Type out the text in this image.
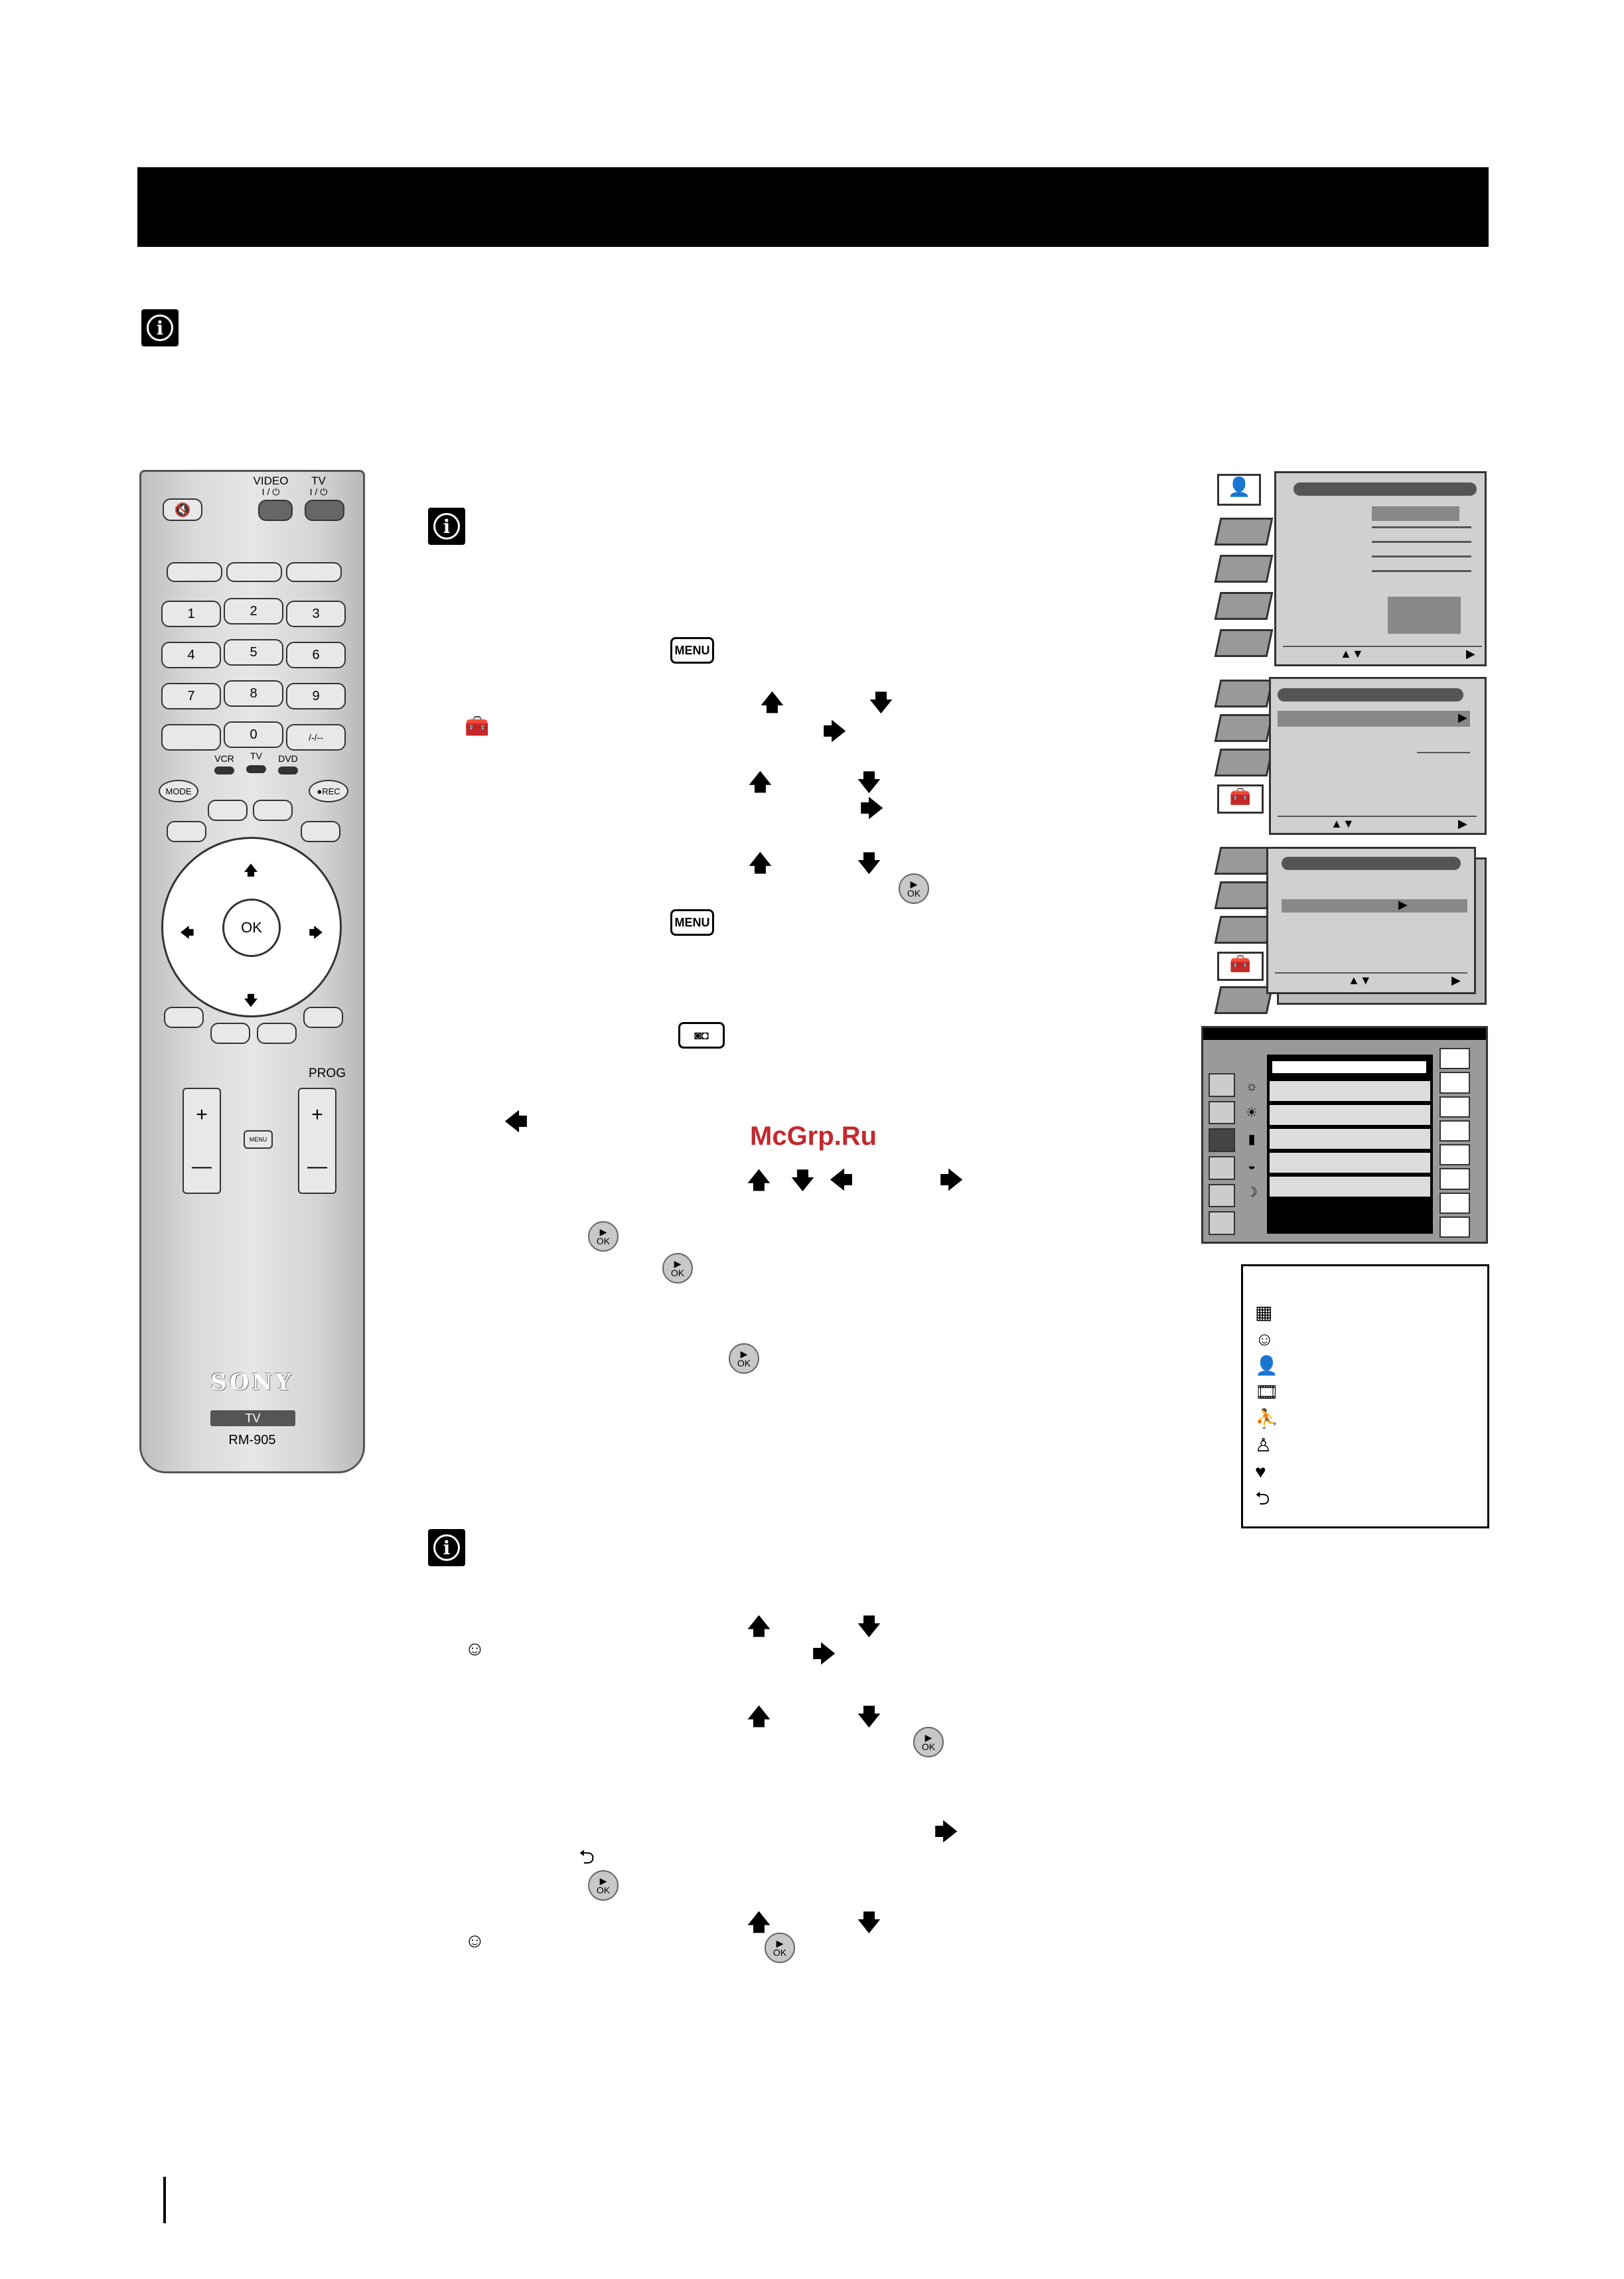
i
i
i
VIDEO
I / ⏻
TV
I / ⏻
🔇
1	2	3
4	5	6
7	8	9
0	/-/--
VCR	TV	DVD
MODE	●REC
🡅
🡇
🡄	🡆
OK
PROG
+
—
MENU
+
—
SONY
TV
RM-905
MENU
🡅	🡇
🧰	🡆
🡅	🡇
🡆
🡅	🡇
▶
OK
MENU
◙◘
🡄	McGrp.Ru
🡅 🡇 🡄	🡆
▶
OK
▶
OK
▶
OK
🡅	🡇
☺	🡆
🡅	🡇
▶
OK
🡆
⮌
▶
OK
🡅	🡇
☺	▶
OK
👤
▲▼	▶
🧰
▶
▲▼	▶
🧰
▶
▲▼	▶
☼
☀
▮
◒
☽
▦
☺
👤
🎞
⛹
♙
♥
⮌
